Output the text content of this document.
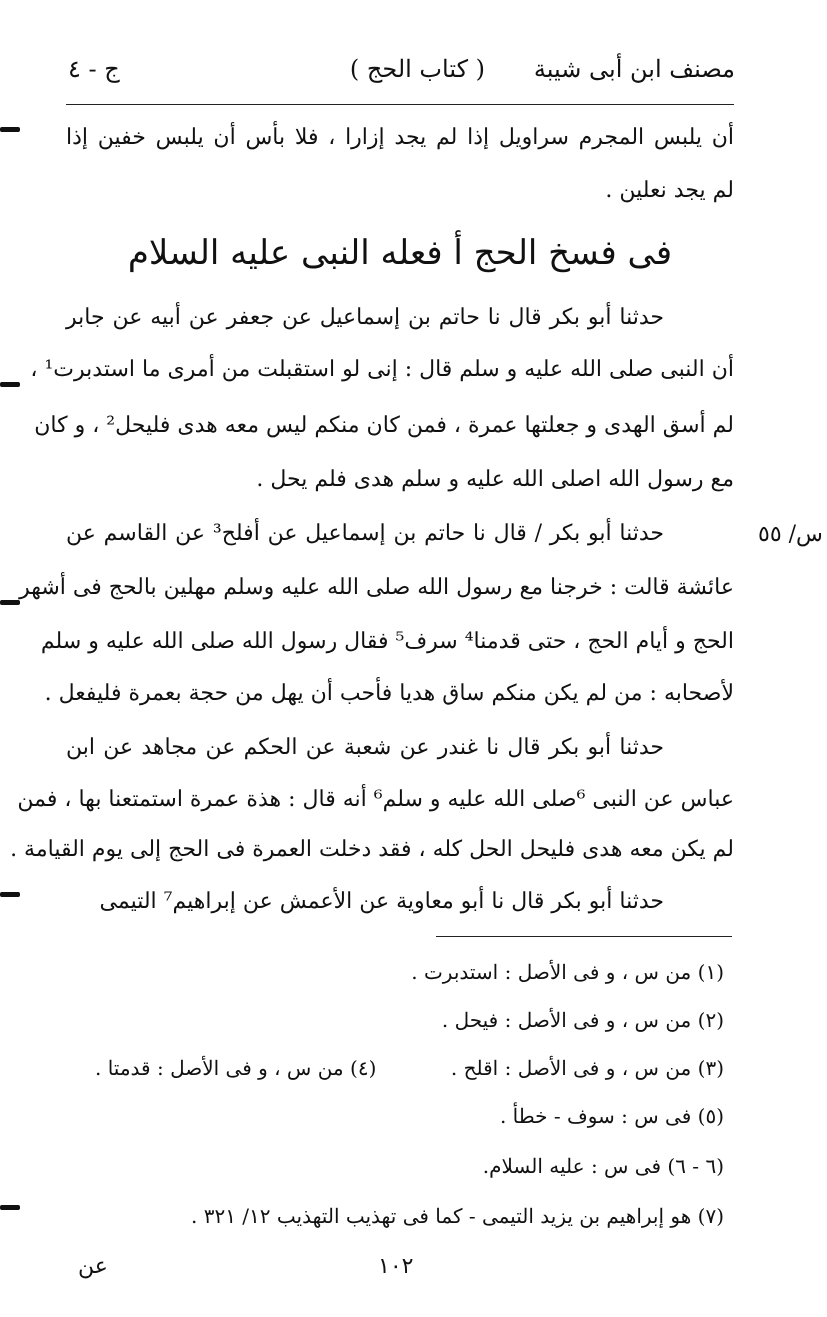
مصنف ابن أبى شيبة
( كتاب الحج )
ج - ٤
أن يلبس المجرم سراويل إذا لم يجد إزارا ، فلا بأس أن يلبس خفين إذا
لم يجد نعلين .
فى فسخ الحج أ فعله النبى عليه السلام
حدثنا أبو بكر قال نا حاتم بن إسماعيل عن جعفر عن أبيه عن جابر
أن النبى صلى الله عليه و سلم قال : إنى لو استقبلت من أمرى ما استدبرت¹ ،
لم أسق الهدى و جعلتها عمرة ، فمن كان منكم ليس معه هدى فليحل² ، و كان
مع رسول الله اصلى الله عليه و سلم هدى فلم يحل .
حدثنا أبو بكر / قال نا حاتم بن إسماعيل عن أفلح³ عن القاسم عن
عائشة قالت : خرجنا مع رسول الله صلى الله عليه وسلم مهلين بالحج فى أشهر
الحج و أيام الحج ، حتى قدمنا⁴ سرف⁵ فقال رسول الله صلى الله عليه و سلم
لأصحابه : من لم يكن منكم ساق هديا فأحب أن يهل من حجة بعمرة فليفعل .
حدثنا أبو بكر قال نا غندر عن شعبة عن الحكم عن مجاهد عن ابن
عباس عن النبى ⁶صلى الله عليه و سلم⁶ أنه قال : هذة عمرة استمتعنا بها ، فمن
لم يكن معه هدى فليحل الحل كله ، فقد دخلت العمرة فى الحج إلى يوم القيامة .
حدثنا أبو بكر قال نا أبو معاوية عن الأعمش عن إبراهيم⁷ التيمى
س/ ٥٥
(١) من س ، و فى الأصل : استدبرت .
(٢) من س ، و فى الأصل : فيحل .
(٣) من س ، و فى الأصل : اقلح .
(٤) من س ، و فى الأصل : قدمتا .
(٥) فى س : سوف - خطأ .
(٦ - ٦) فى س : عليه السلام.
(٧) هو إبراهيم بن يزيد التيمى - كما فى تهذيب التهذيب ١٢/ ٣٢١ .
١٠٢
عن
